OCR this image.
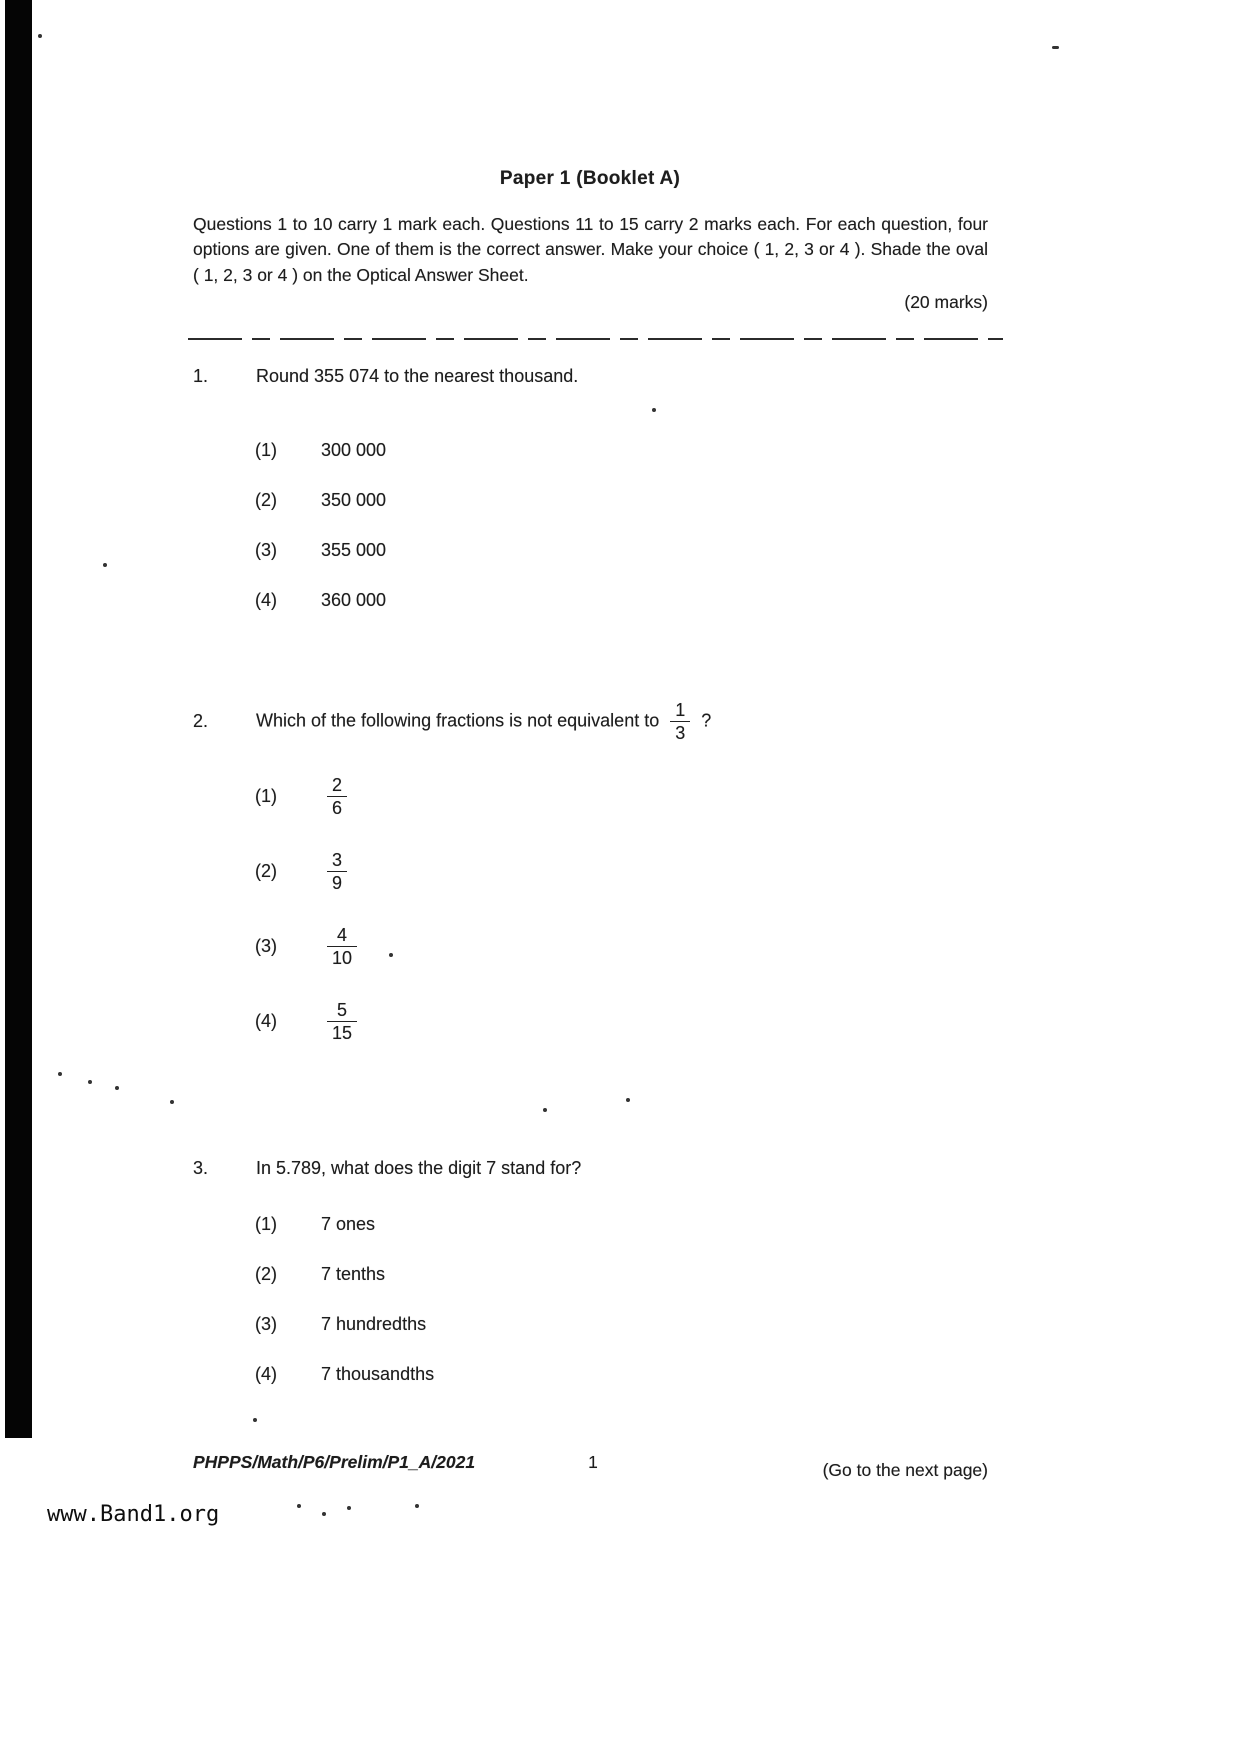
Paper 1 (Booklet A)
Questions 1 to 10 carry 1 mark each. Questions 11 to 15 carry 2 marks each. For each question, four options are given. One of them is the correct answer. Make your choice ( 1, 2, 3 or 4 ). Shade the oval ( 1, 2, 3 or 4 ) on the Optical Answer Sheet.
(20 marks)
1.	Round 355 074 to the nearest thousand.
(1)	300 000
(2)	350 000
(3)	355 000
(4)	360 000
2.	Which of the following fractions is not equivalent to $\frac{1}{3}$ ?
(1)	$\frac{2}{6}$
(2)	$\frac{3}{9}$
(3)	$\frac{4}{10}$
(4)	$\frac{5}{15}$
3.	In 5.789, what does the digit 7 stand for?
(1)	7 ones
(2)	7 tenths
(3)	7 hundredths
(4)	7 thousandths
PHPPS/Math/P6/Prelim/P1_A/2021	1	(Go to the next page)
www.Band1.org
